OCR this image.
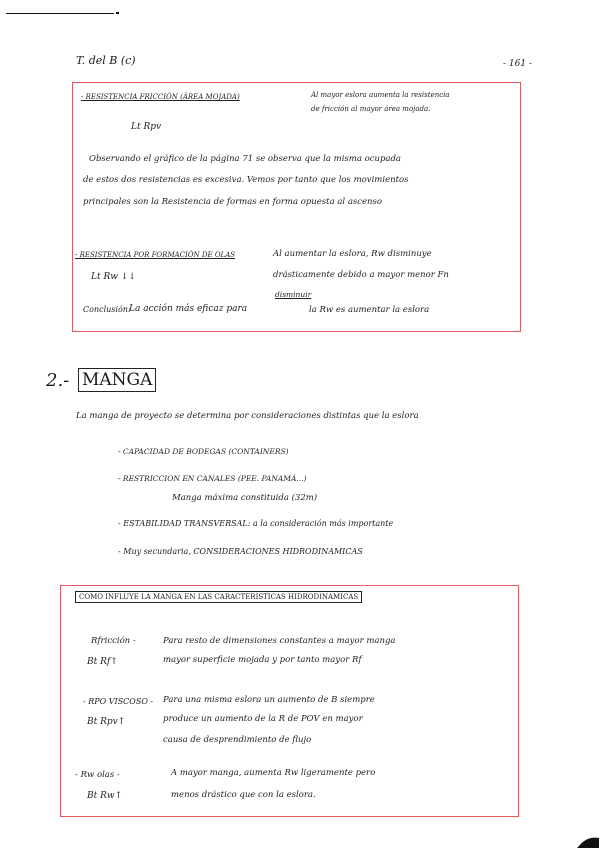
T. del B (c)	- 161 -
- RESISTENCIA FRICCIÓN (ÁREA MOJADA)	Al mayor eslora aumenta la resistencia
de fricción al mayor área mojada.
Lt Rpv
Observando el gráfico de la página 71 se observa que la misma ocupada
de estos dos resistencias es excesiva. Vemos por tanto que los movimientos
principales son la Resistencia de formas en forma opuesta al ascenso
- RESISTENCIA POR FORMACIÓN DE OLAS	Al aumentar la eslora, Rw disminuye
drásticamente debido a mayor menor Fn
Lt Rw ↓↓
disminuir
Conclusión:
La acción más eficaz para	la Rw es aumentar la eslora
2.- MANGA
La manga de proyecto se determina por consideraciones distintas que la eslora
- CAPACIDAD DE BODEGAS (CONTAINERS)
- RESTRICCION EN CANALES (PEE. PANAMÁ...)
Manga máxima constituida (32m)
- ESTABILIDAD TRANSVERSAL: a la consideración más importante
- Muy secundaria, CONSIDERACIONES HIDRODINAMICAS
COMO INFLUYE LA MANGA EN LAS CARACTERISTICAS HIDRODINAMICAS
Rfricción -
Bt Rf↑
Para resto de dimensiones constantes a mayor manga
mayor superficie mojada y por tanto mayor Rf
- RPO VISCOSO -
Bt Rpv↑
Para una misma eslora un aumento de B siempre
produce un aumento de la R de POV en mayor
causa de desprendimiento de flujo
- Rw olas -
Bt Rw↑
A mayor manga, aumenta Rw ligeramente pero
menos drástico que con la eslora.
